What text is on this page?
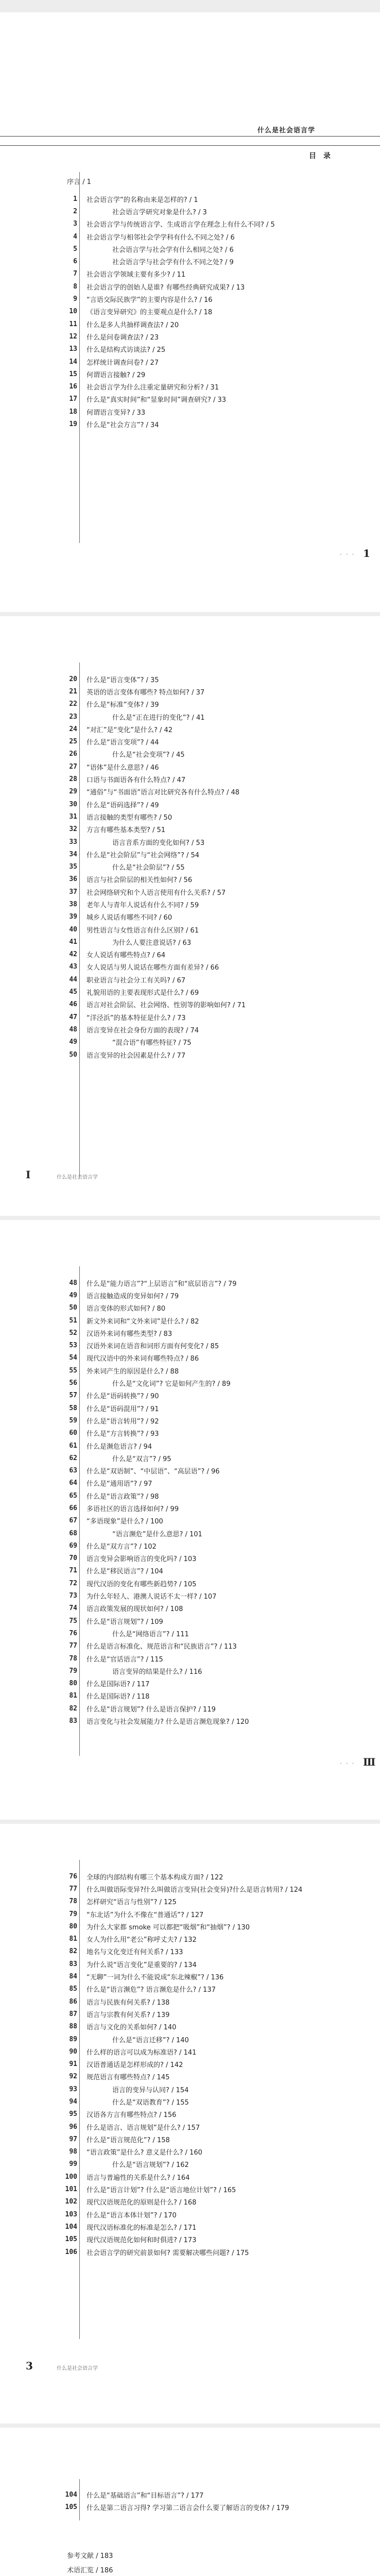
什么是社会语言学
目　录
序言 / 1
1	社会语言学”的名称由来是怎样的? / 1
2	社会语言学研究对象是什么? / 3
3	社会语言学与传统语言学、生成语言学在理念上有什么不同? / 5
4	社会语言学与相邻社会学学科有什么不同之处? / 6
5	社会语言学与社会学有什么相同之处? / 6
6	社会语言学与社会学有什么不同之处? / 9
7	社会语言学领域主要有多少? / 11
8	社会语言学的创始人是谁? 有哪些经典研究成果? / 13
9	“言语交际民族学”的主要内容是什么? / 16
10	《语言变异研究》的主要观点是什么? / 18
11	什么是多人共抽样调查法? / 20
12	什么是问卷调查法? / 23
13	什么是结构式访谈法? / 25
14	怎样统计调查问卷? / 27
15	何谓语言接触? / 29
16	社会语言学为什么注重定量研究和分析? / 31
17	什么是“真实时间”和“显象时间”调查研究? / 33
18	何谓语言变异? / 33
19	什么是“社会方言”? / 34
··· 1
20	什么是“语言变体”? / 35
21	英语的语言变体有哪些? 特点如何? / 37
22	什么是“标准”变体? / 39
23	什么是“正在进行的变化”? / 41
24	“对汇”是“变化”是什么? / 42
25	什么是“语言变项”? / 44
26	什么是“社会变项”? / 45
27	“语体”是什么意思? / 46
28	口语与书面语各有什么特点? / 47
29	“通俗”与“书面语”语言对比研究各有什么特点? / 48
30	什么是“语码选择”? / 49
31	语言接触的类型有哪些? / 50
32	方言有哪些基本类型? / 51
33	语言音系方面的变化如何? / 53
34	什么是“社会阶层”与“社会网络”? / 54
35	什么是“社会阶层”? / 55
36	语言与社会阶层的相关性如何? / 56
37	社会网络研究和个人语言使用有什么关系? / 57
38	老年人与青年人说话有什么不同? / 59
39	城乡人说话有哪些不同? / 60
40	男性语言与女性语言有什么区别? / 61
41	为什么人要注意说话? / 63
42	女人说话有哪些特点? / 64
43	女人说话与男人说话在哪些方面有差异? / 66
44	职业语言与社会分工有关吗? / 67
45	礼貌用语的主要表现形式是什么? / 69
46	语言对社会阶层、社会网络、性别等的影响如何? / 71
47	“洋泾浜”的基本特征是什么? / 73
48	语言变异在社会身份方面的表现? / 74
49	“混合语”有哪些特征? / 75
50	语言变异的社会因素是什么? / 77
I	什么是社会语言学
48	什么是“能力语言”?“上层语言”和“底层语言”? / 79
49	语言接触造成的变异如何? / 79
50	语言变体的形式如何? / 80
51	新文外来词和“文外来词”是什么? / 82
52	汉语外来词有哪些类型? / 83
53	汉语外来词在语音和词形方面有何变化? / 85
54	现代汉语中的外来词有哪些特点? / 86
55	外来词产生的原因是什么? / 88
56	什么是“文化词”? 它是如何产生的? / 89
57	什么是“语码转换”? / 90
58	什么是“语码混用”? / 91
59	什么是“语言转用”? / 92
60	什么是“方言转换”? / 93
61	什么是濒危语言? / 94
62	什么是“双言”? / 95
63	什么是“双语制”、“中层语”、“高层语”? / 96
64	什么是“通用语”? / 97
65	什么是“语言政策”? / 98
66	多语社区的语言选择如何? / 99
67	“多语现象”是什么? / 100
68	“语言濒危”是什么意思? / 101
69	什么是“双方言”? / 102
70	语言变异会影响语言的变化吗? / 103
71	什么是“移民语言”? / 104
72	现代汉语的变化有哪些新趋势? / 105
73	为什么年轻人、港澳人说话不太一样? / 107
74	语言政策发展的现状如何? / 108
75	什么是“语言规划”? / 109
76	什么是“网络语言”? / 111
77	什么是语言标准化、规范语言和“民族语言”? / 113
78	什么是“官话语言”? / 115
79	语言变异的结果是什么? / 116
80	什么是国际语? / 117
81	什么是国际语? / 118
82	什么是“语言规划”? 什么是语言保护? / 119
83	语言变化与社会发展能力? 什么是语言濒危现象? / 120
··· Ⅲ
76	全球的内部结构有哪三个基本构成方面? / 122
77	什么叫做语际变异?什么叫做语言变异(社会变异)?什么是语言转用? / 124
78	怎样研究“语言与性别”? / 125
79	“东北话”为什么不像在“普通话”? / 127
80	为什么大家都 smoke 可以都把“吸烟”和“抽烟”? / 130
81	女人为什么用“老公”称呼丈夫? / 132
82	地名与文化变迁有何关系? / 133
83	为什么说“语言变化”是重要的? / 134
84	“无聊”一词为什么不能说成“东北辣椒”? / 136
85	什么是“语言濒危”? 语言濒危是什么? / 137
86	语言与民族有何关系? / 138
87	语言与宗教有何关系? / 139
88	语言与文化的关系如何? / 140
89	什么是“语言迁移”? / 140
90	什么样的语言可以成为标准语? / 141
91	汉语普通话是怎样形成的? / 142
92	规范语言有哪些特点? / 145
93	语言的变异与认同? / 154
94	什么是“双语教育”? / 155
95	汉语各方言有哪些特点? / 156
96	什么是语言、语言规划”是什么? / 157
97	什么是“语言规范化”? / 158
98	“语言政策”是什么? 意义是什么? / 160
99	什么是“语言规划”? / 162
100	语言与普遍性的关系是什么? / 164
101	什么是“语言计划”? 什么是“语言地位计划”? / 165
102	现代汉语规范化的原则是什么? / 168
103	什么是“语言本体计划”? / 170
104	现代汉语标准化的标准是怎么? / 171
105	现代汉语规范化如何和时俱进? / 173
106	社会语言学的研究前景如何? 需要解决哪些问题? / 175
3	什么是社会语言学
104	什么是“基础语言”和“目标语言”? / 177
105	什么是第二语言习得? 学习第二语言会什么要了解语言的变体? / 179
参考文献 / 183
术语汇览 / 186
